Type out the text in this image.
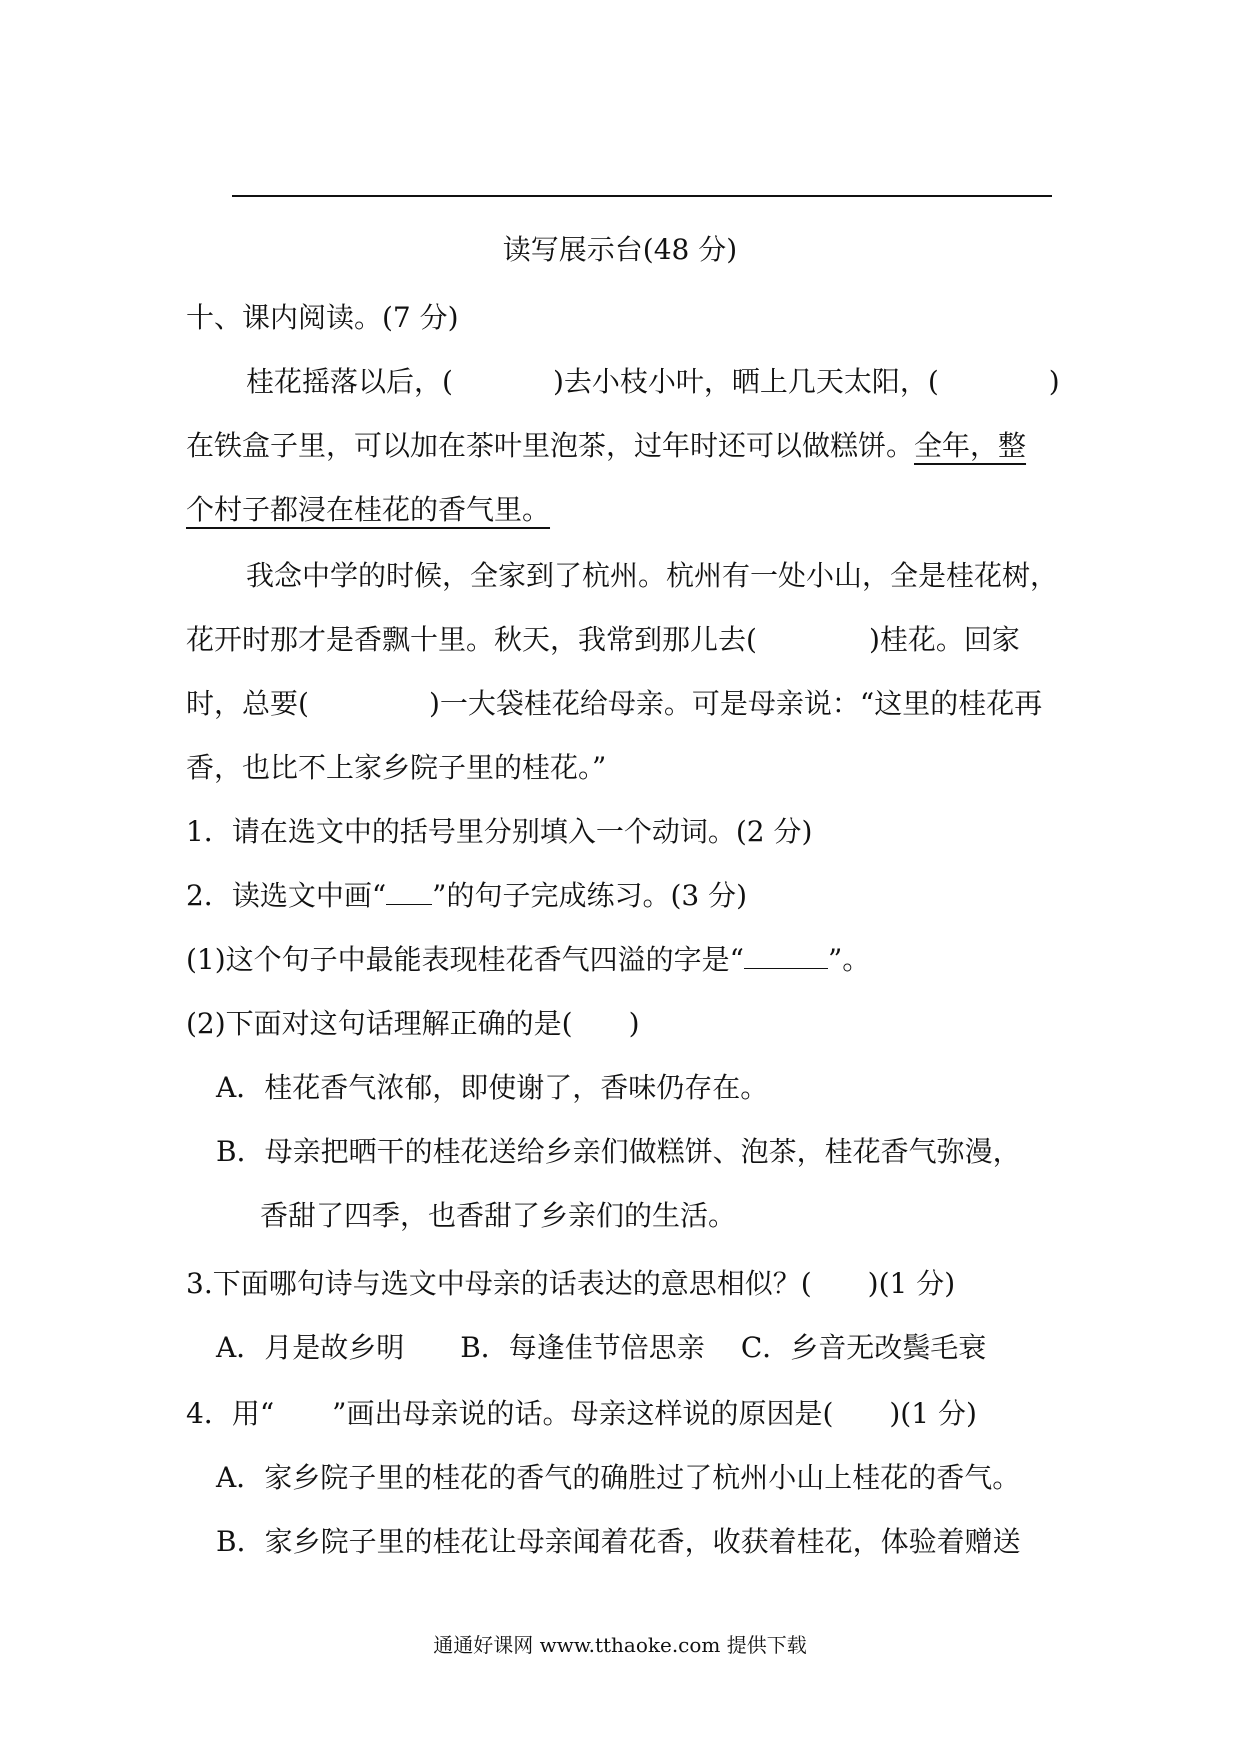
读写展示台(48 分)
十、课内阅读。(7 分)
桂花摇落以后，(	)去小枝小叶，晒上几天太阳，(	)
在铁盒子里，可以加在茶叶里泡茶，过年时还可以做糕饼。全年，整
个村子都浸在桂花的香气里。
我念中学的时候，全家到了杭州。杭州有一处小山，全是桂花树，
花开时那才是香飘十里。秋天，我常到那儿去(	)桂花。回家
时，总要(	)一大袋桂花给母亲。可是母亲说：“这里的桂花再
香，也比不上家乡院子里的桂花。”
1．请在选文中的括号里分别填入一个动词。(2 分)
2．读选文中画“ ”的句子完成练习。(3 分)
(1)这个句子中最能表现桂花香气四溢的字是“	”。
(2)下面对这句话理解正确的是(　　)
A．桂花香气浓郁，即使谢了，香味仍存在。
B．母亲把晒干的桂花送给乡亲们做糕饼、泡茶，桂花香气弥漫，
香甜了四季，也香甜了乡亲们的生活。
3.下面哪句诗与选文中母亲的话表达的意思相似？(　　)(1 分)
A．月是故乡明 B．每逢佳节倍思亲 C．乡音无改鬓毛衰
4．用“ ”画出母亲说的话。母亲这样说的原因是(　　)(1 分)
A．家乡院子里的桂花的香气的确胜过了杭州小山上桂花的香气。
B．家乡院子里的桂花让母亲闻着花香，收获着桂花，体验着赠送
通通好课网 www.tthaoke.com 提供下载
